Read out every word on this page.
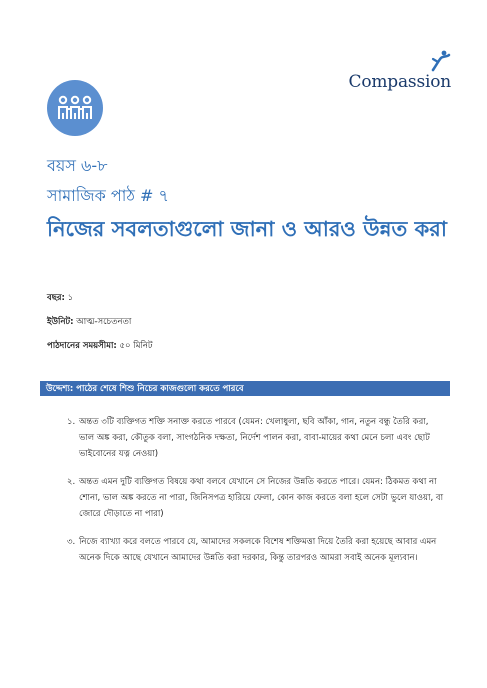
Compassion
বয়স ৬-৮
সামাজিক পাঠ # ৭
নিজের সবলতাগুলো জানা ও আরও উন্নত করা
বছর: ১
ইউনিট: আত্ম-সচেতনতা
পাঠদানের সময়সীমা: ৫০ মিনিট
উদ্দেশ্য: পাঠের শেষে শিশু নিচের কাজগুলো করতে পারবে
১. অন্তত ৩টি ব্যক্তিগত শক্তি সনাক্ত করতে পারবে (যেমন: খেলাধুলা, ছবি আঁকা, গান, নতুন বন্ধু তৈরি করা, ভাল অঙ্ক করা, কৌতুক বলা, সাংগঠনিক দক্ষতা, নির্দেশ পালন করা, বাবা-মায়ের কথা মেনে চলা এবং ছোট ভাইবোনের যত্ন নেওয়া)
২. অন্তত এমন দুটি ব্যক্তিগত বিষয়ে কথা বলবে যেখানে সে নিজের উন্নতি করতে পারে। যেমন: ঠিকমত কথা না শোনা, ভাল অঙ্ক করতে না পারা, জিনিসপত্র হারিয়ে ফেলা, কোন কাজ করতে বলা হলে সেটা ভুলে যাওয়া, বা জোরে দৌড়াতে না পারা)
৩. নিজে ব্যাখ্যা করে বলতে পারবে যে, আমাদের সকলকে বিশেষ শক্তিমত্তা দিয়ে তৈরি করা হয়েছে আবার এমন অনেক দিকে আছে যেখানে আমাদের উন্নতি করা দরকার, কিন্তু তারপরও আমরা সবাই অনেক মূল্যবান।
